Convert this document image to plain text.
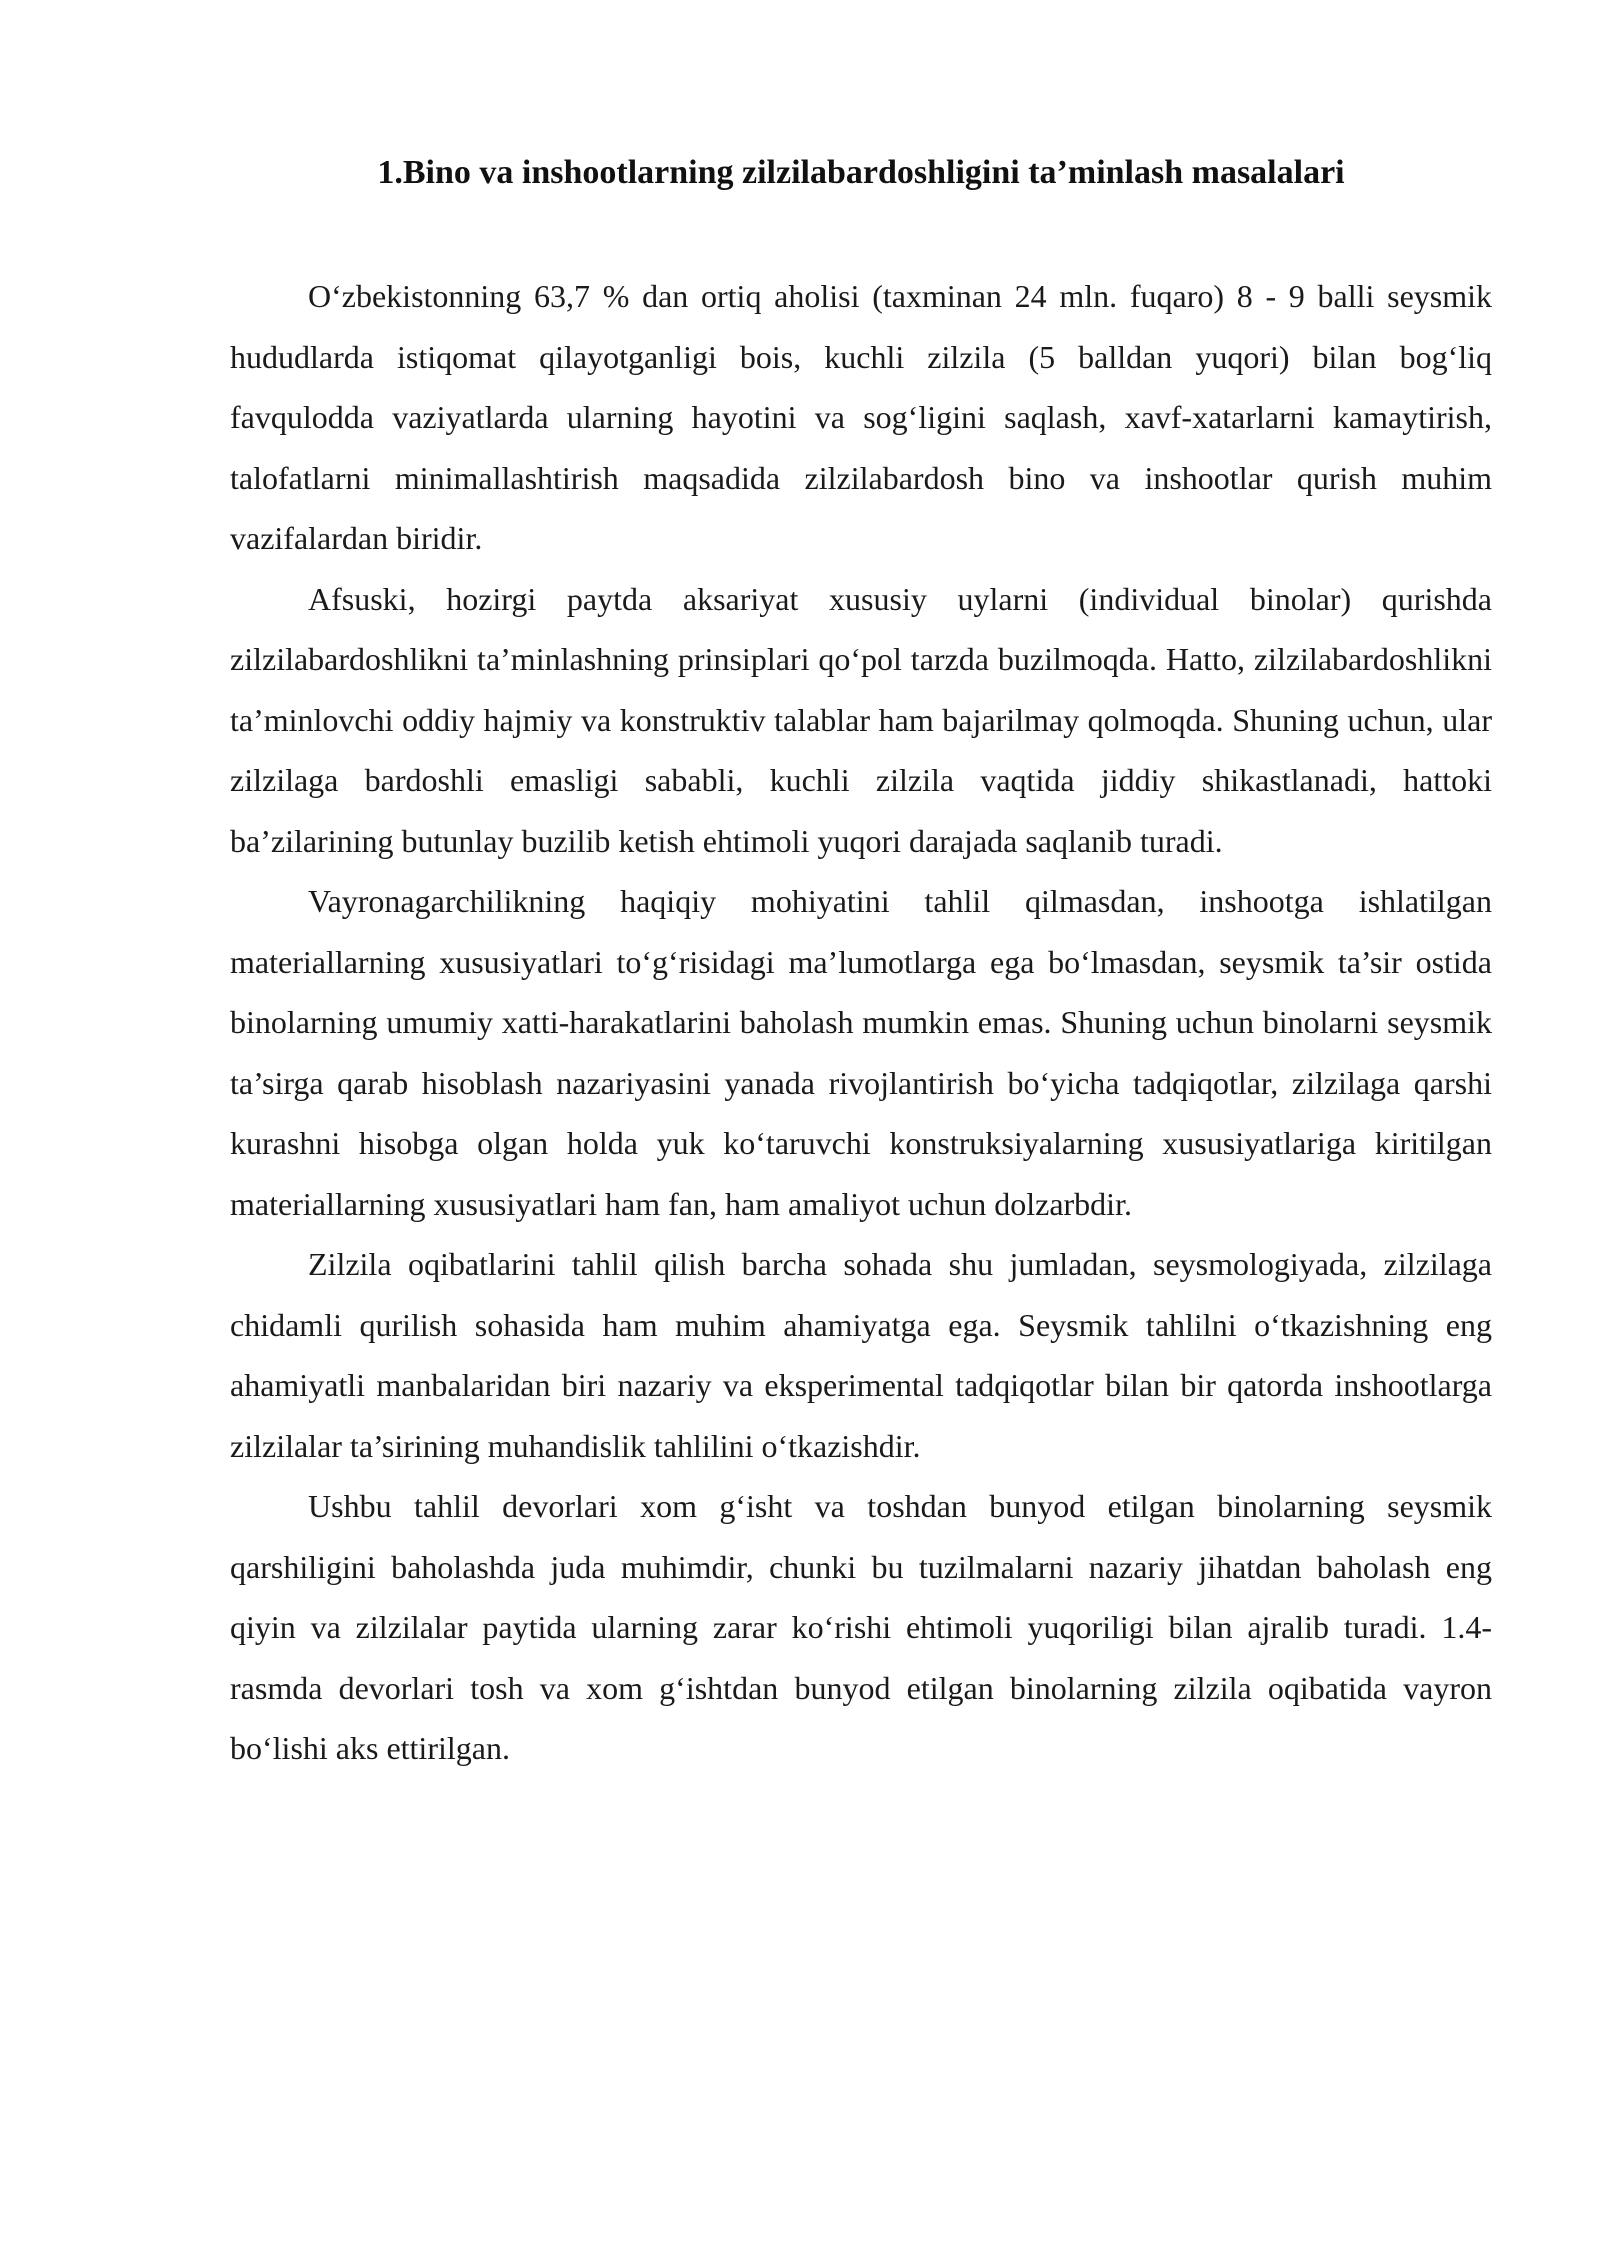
1.Bino va inshootlarning zilzilabardoshligini ta’minlash masalalari

O‘zbekistonning 63,7 % dan ortiq aholisi (taxminan 24 mln. fuqaro) 8 - 9 balli seysmik hududlarda istiqomat qilayotganligi bois, kuchli zilzila (5 balldan yuqori) bilan bog‘liq favqulodda vaziyatlarda ularning hayotini va sog‘ligini saqlash, xavf-xatarlarni kamaytirish, talofatlarni minimallashtirish maqsadida zilzilabardosh bino va inshootlar qurish muhim vazifalardan biridir.

Afsuski, hozirgi paytda aksariyat xususiy uylarni (individual binolar) qurishda zilzilabardoshlikni ta’minlashning prinsiplari qo‘pol tarzda buzilmoqda. Hatto, zilzilabardoshlikni ta’minlovchi oddiy hajmiy va konstruktiv talablar ham bajarilmay qolmoqda. Shuning uchun, ular zilzilaga bardoshli emasligi sababli, kuchli zilzila vaqtida jiddiy shikastlanadi, hattoki ba’zilarining butunlay buzilib ketish ehtimoli yuqori darajada saqlanib turadi.

Vayronagarchilikning haqiqiy mohiyatini tahlil qilmasdan, inshootga ishlatilgan materiallarning xususiyatlari to‘g‘risidagi ma’lumotlarga ega bo‘lmasdan, seysmik ta’sir ostida binolarning umumiy xatti-harakatlarini baholash mumkin emas. Shuning uchun binolarni seysmik ta’sirga qarab hisoblash nazariyasini yanada rivojlantirish bo‘yicha tadqiqotlar, zilzilaga qarshi kurashni hisobga olgan holda yuk ko‘taruvchi konstruksiyalarning xususiyatlariga kiritilgan materiallarning xususiyatlari ham fan, ham amaliyot uchun dolzarbdir.

Zilzila oqibatlarini tahlil qilish barcha sohada shu jumladan, seysmologiyada, zilzilaga chidamli qurilish sohasida ham muhim ahamiyatga ega. Seysmik tahlilni o‘tkazishning eng ahamiyatli manbalaridan biri nazariy va eksperimental tadqiqotlar bilan bir qatorda inshootlarga zilzilalar ta’sirining muhandislik tahlilini o‘tkazishdir.

Ushbu tahlil devorlari xom g‘isht va toshdan bunyod etilgan binolarning seysmik qarshiligini baholashda juda muhimdir, chunki bu tuzilmalarni nazariy jihatdan baholash eng qiyin va zilzilalar paytida ularning zarar ko‘rishi ehtimoli yuqoriligi bilan ajralib turadi. 1.4-rasmda devorlari tosh va xom g‘ishtdan bunyod etilgan binolarning zilzila oqibatida vayron bo‘lishi aks ettirilgan.
